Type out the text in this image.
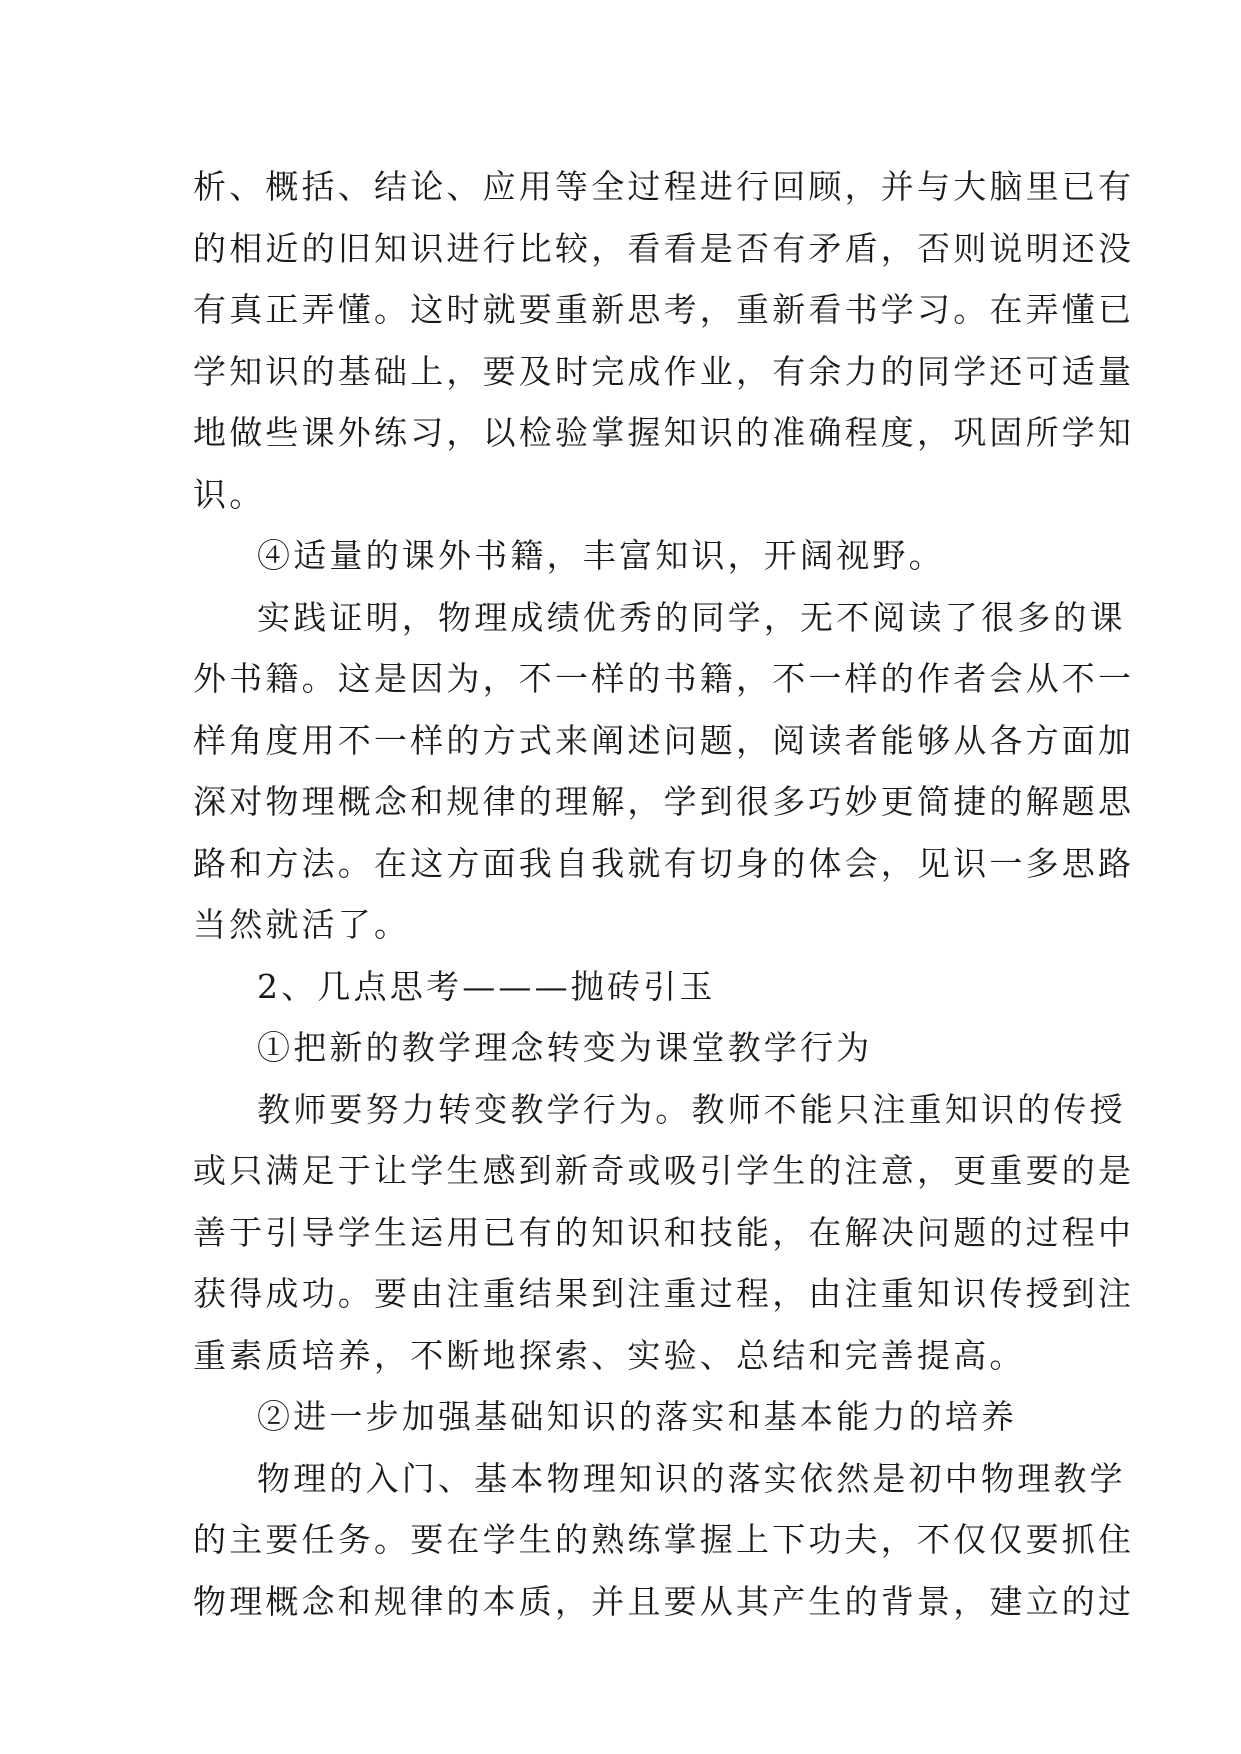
析、概括、结论、应用等全过程进行回顾，并与大脑里已有
的相近的旧知识进行比较，看看是否有矛盾，否则说明还没
有真正弄懂。这时就要重新思考，重新看书学习。在弄懂已
学知识的基础上，要及时完成作业，有余力的同学还可适量
地做些课外练习，以检验掌握知识的准确程度，巩固所学知
识。
④适量的课外书籍，丰富知识，开阔视野。
实践证明，物理成绩优秀的同学，无不阅读了很多的课
外书籍。这是因为，不一样的书籍，不一样的作者会从不一
样角度用不一样的方式来阐述问题，阅读者能够从各方面加
深对物理概念和规律的理解，学到很多巧妙更简捷的解题思
路和方法。在这方面我自我就有切身的体会，见识一多思路
当然就活了。
2、几点思考———抛砖引玉
①把新的教学理念转变为课堂教学行为
教师要努力转变教学行为。教师不能只注重知识的传授
或只满足于让学生感到新奇或吸引学生的注意，更重要的是
善于引导学生运用已有的知识和技能，在解决问题的过程中
获得成功。要由注重结果到注重过程，由注重知识传授到注
重素质培养，不断地探索、实验、总结和完善提高。
②进一步加强基础知识的落实和基本能力的培养
物理的入门、基本物理知识的落实依然是初中物理教学
的主要任务。要在学生的熟练掌握上下功夫，不仅仅要抓住
物理概念和规律的本质，并且要从其产生的背景，建立的过
